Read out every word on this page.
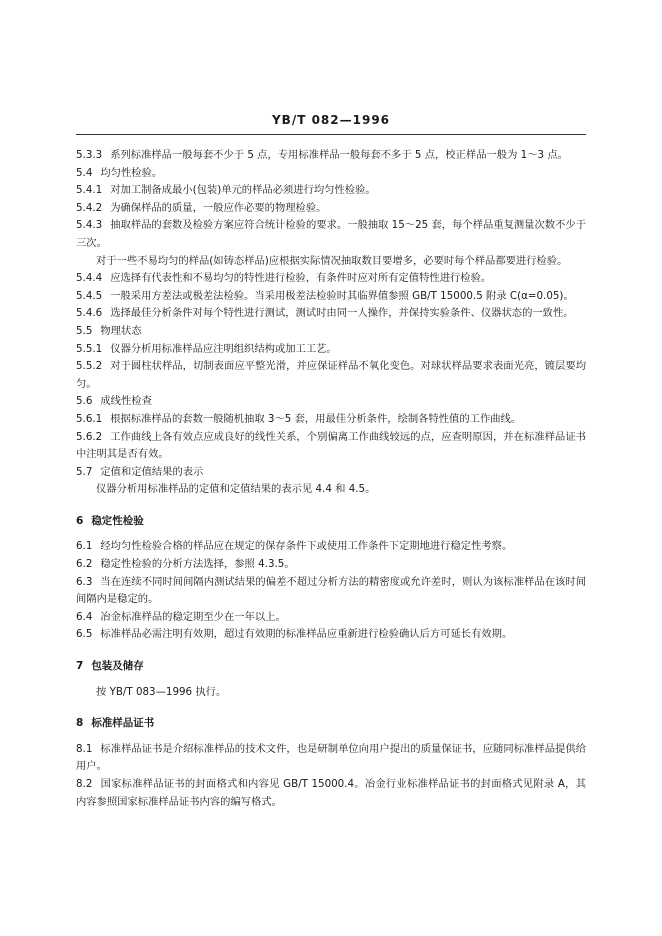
YB/T 082—1996
5.3.3 系列标准样品一般每套不少于 5 点，专用标准样品一般每套不多于 5 点，校正样品一般为 1～3 点。
5.4 均匀性检验。
5.4.1 对加工制备成最小(包装)单元的样品必须进行均匀性检验。
5.4.2 为确保样品的质量，一般应作必要的物理检验。
5.4.3 抽取样品的套数及检验方案应符合统计检验的要求。一般抽取 15～25 套，每个样品重复测量次数不少于三次。
对于一些不易均匀的样品(如铸态样品)应根据实际情况抽取数目要增多，必要时每个样品都要进行检验。
5.4.4 应选择有代表性和不易均匀的特性进行检验，有条件时应对所有定值特性进行检验。
5.4.5 一般采用方差法或极差法检验。当采用极差法检验时其临界值参照 GB/T 15000.5 附录 C(α=0.05)。
5.4.6 选择最佳分析条件对每个特性进行测试，测试时由同一人操作，并保持实验条件、仪器状态的一致性。
5.5 物理状态
5.5.1 仪器分析用标准样品应注明组织结构或加工工艺。
5.5.2 对于圆柱状样品，切制表面应平整光滑，并应保证样品不氧化变色。对球状样品要求表面光亮，镀层要均匀。
5.6 成线性检查
5.6.1 根据标准样品的套数一般随机抽取 3～5 套，用最佳分析条件，绘制各特性值的工作曲线。
5.6.2 工作曲线上各有效点应成良好的线性关系，个别偏离工作曲线较远的点，应查明原因，并在标准样品证书中注明其是否有效。
5.7 定值和定值结果的表示
仪器分析用标准样品的定值和定值结果的表示见 4.4 和 4.5。
6 稳定性检验
6.1 经均匀性检验合格的样品应在规定的保存条件下或使用工作条件下定期地进行稳定性考察。
6.2 稳定性检验的分析方法选择，参照 4.3.5。
6.3 当在连续不同时间间隔内测试结果的偏差不超过分析方法的精密度或允许差时，则认为该标准样品在该时间间隔内是稳定的。
6.4 冶金标准样品的稳定期至少在一年以上。
6.5 标准样品必需注明有效期，超过有效期的标准样品应重新进行检验确认后方可延长有效期。
7 包装及储存
按 YB/T 083—1996 执行。
8 标准样品证书
8.1 标准样品证书是介绍标准样品的技术文件，也是研制单位向用户提出的质量保证书，应随同标准样品提供给用户。
8.2 国家标准样品证书的封面格式和内容见 GB/T 15000.4。冶金行业标准样品证书的封面格式见附录 A，其内容参照国家标准样品证书内容的编写格式。
